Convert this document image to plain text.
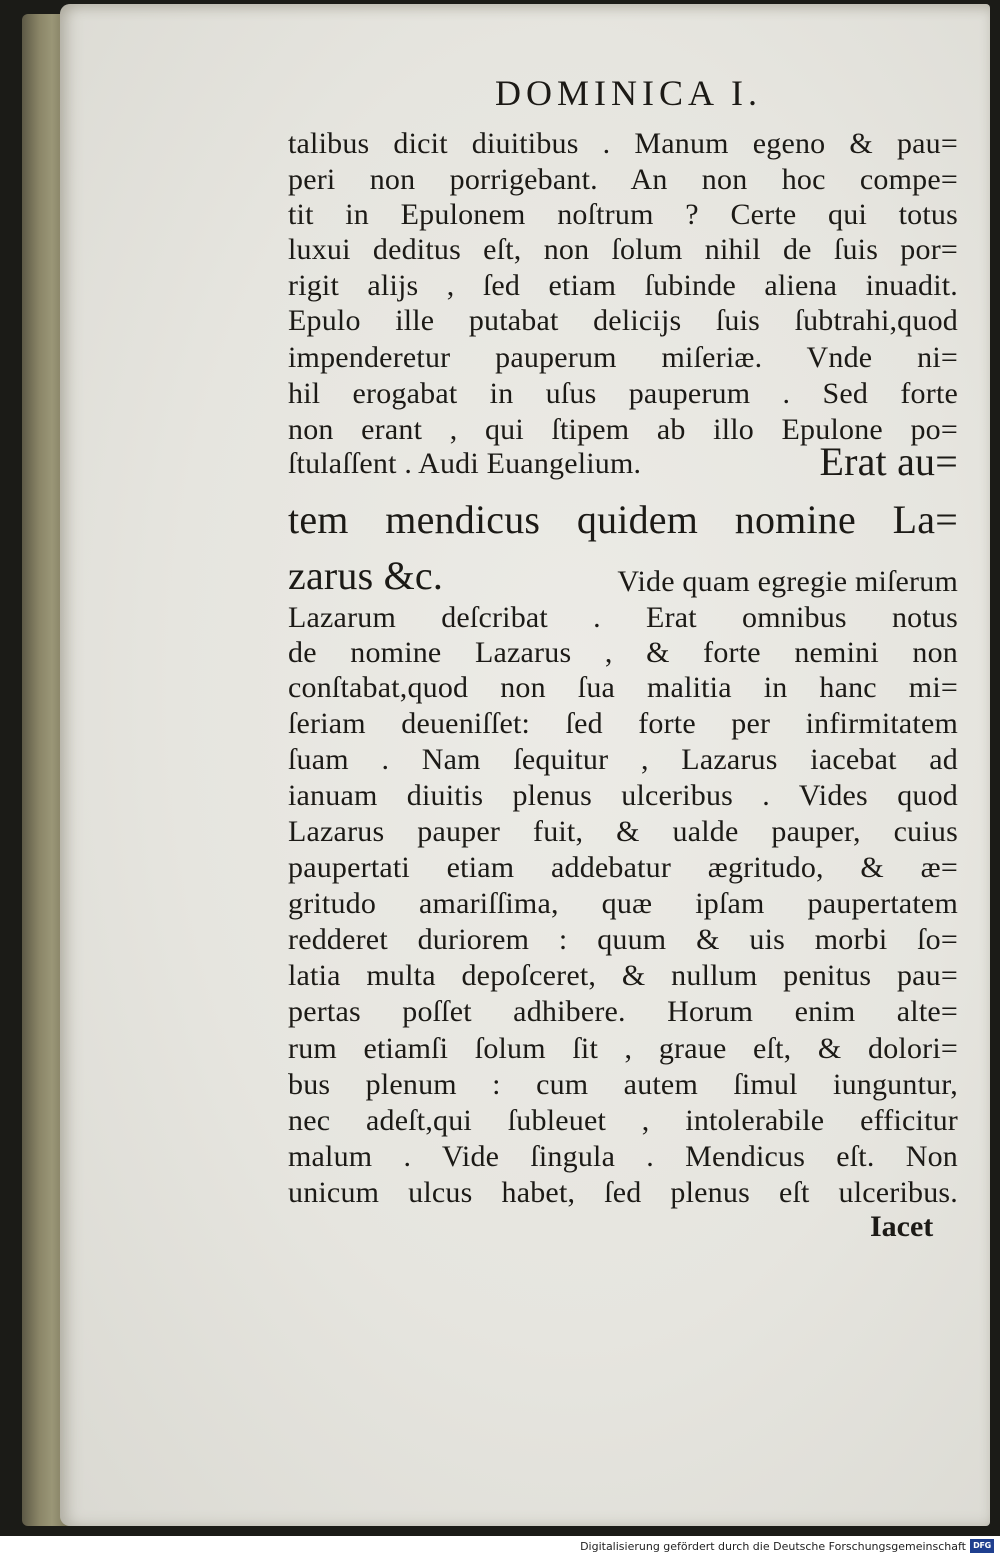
DOMINICA I.

talibus dicit diuitibus . Manum egeno & pau=

peri non porrigebant. An non hoc compe=

tit in Epulonem noſtrum ? Certe qui totus

luxui deditus eſt, non ſolum nihil de ſuis por=

rigit alijs , ſed etiam ſubinde aliena inuadit.

Epulo ille putabat delicijs ſuis ſubtrahi,quod

impenderetur pauperum miſeriæ. Vnde ni=

hil erogabat in uſus pauperum . Sed forte

non erant , qui ſtipem ab illo Epulone po=

ſtulaſſent . Audi Euangelium.	Erat au=

tem mendicus quidem nomine La=

zarus &c.	Vide quam egregie miſerum

Lazarum deſcribat . Erat omnibus notus

de nomine Lazarus , & forte nemini non

conſtabat,quod non ſua malitia in hanc mi=

ſeriam deueniſſet: ſed forte per infirmitatem

ſuam . Nam ſequitur , Lazarus iacebat ad

ianuam diuitis plenus ulceribus . Vides quod

Lazarus pauper fuit, & ualde pauper, cuius

paupertati etiam addebatur ægritudo, & æ=

gritudo amariſſima, quæ ipſam paupertatem

redderet duriorem : quum & uis morbi ſo=

latia multa depoſceret, & nullum penitus pau=

pertas poſſet adhibere. Horum enim alte=

rum etiamſi ſolum ſit , graue eſt, & dolori=

bus plenum : cum autem ſimul iunguntur,

nec adeſt,qui ſubleuet , intolerabile efficitur

malum . Vide ſingula . Mendicus eſt. Non

unicum ulcus habet, ſed plenus eſt ulceribus.

Iacet
Digitalisierung gefördert durch die Deutsche Forschungsgemeinschaft DFG
